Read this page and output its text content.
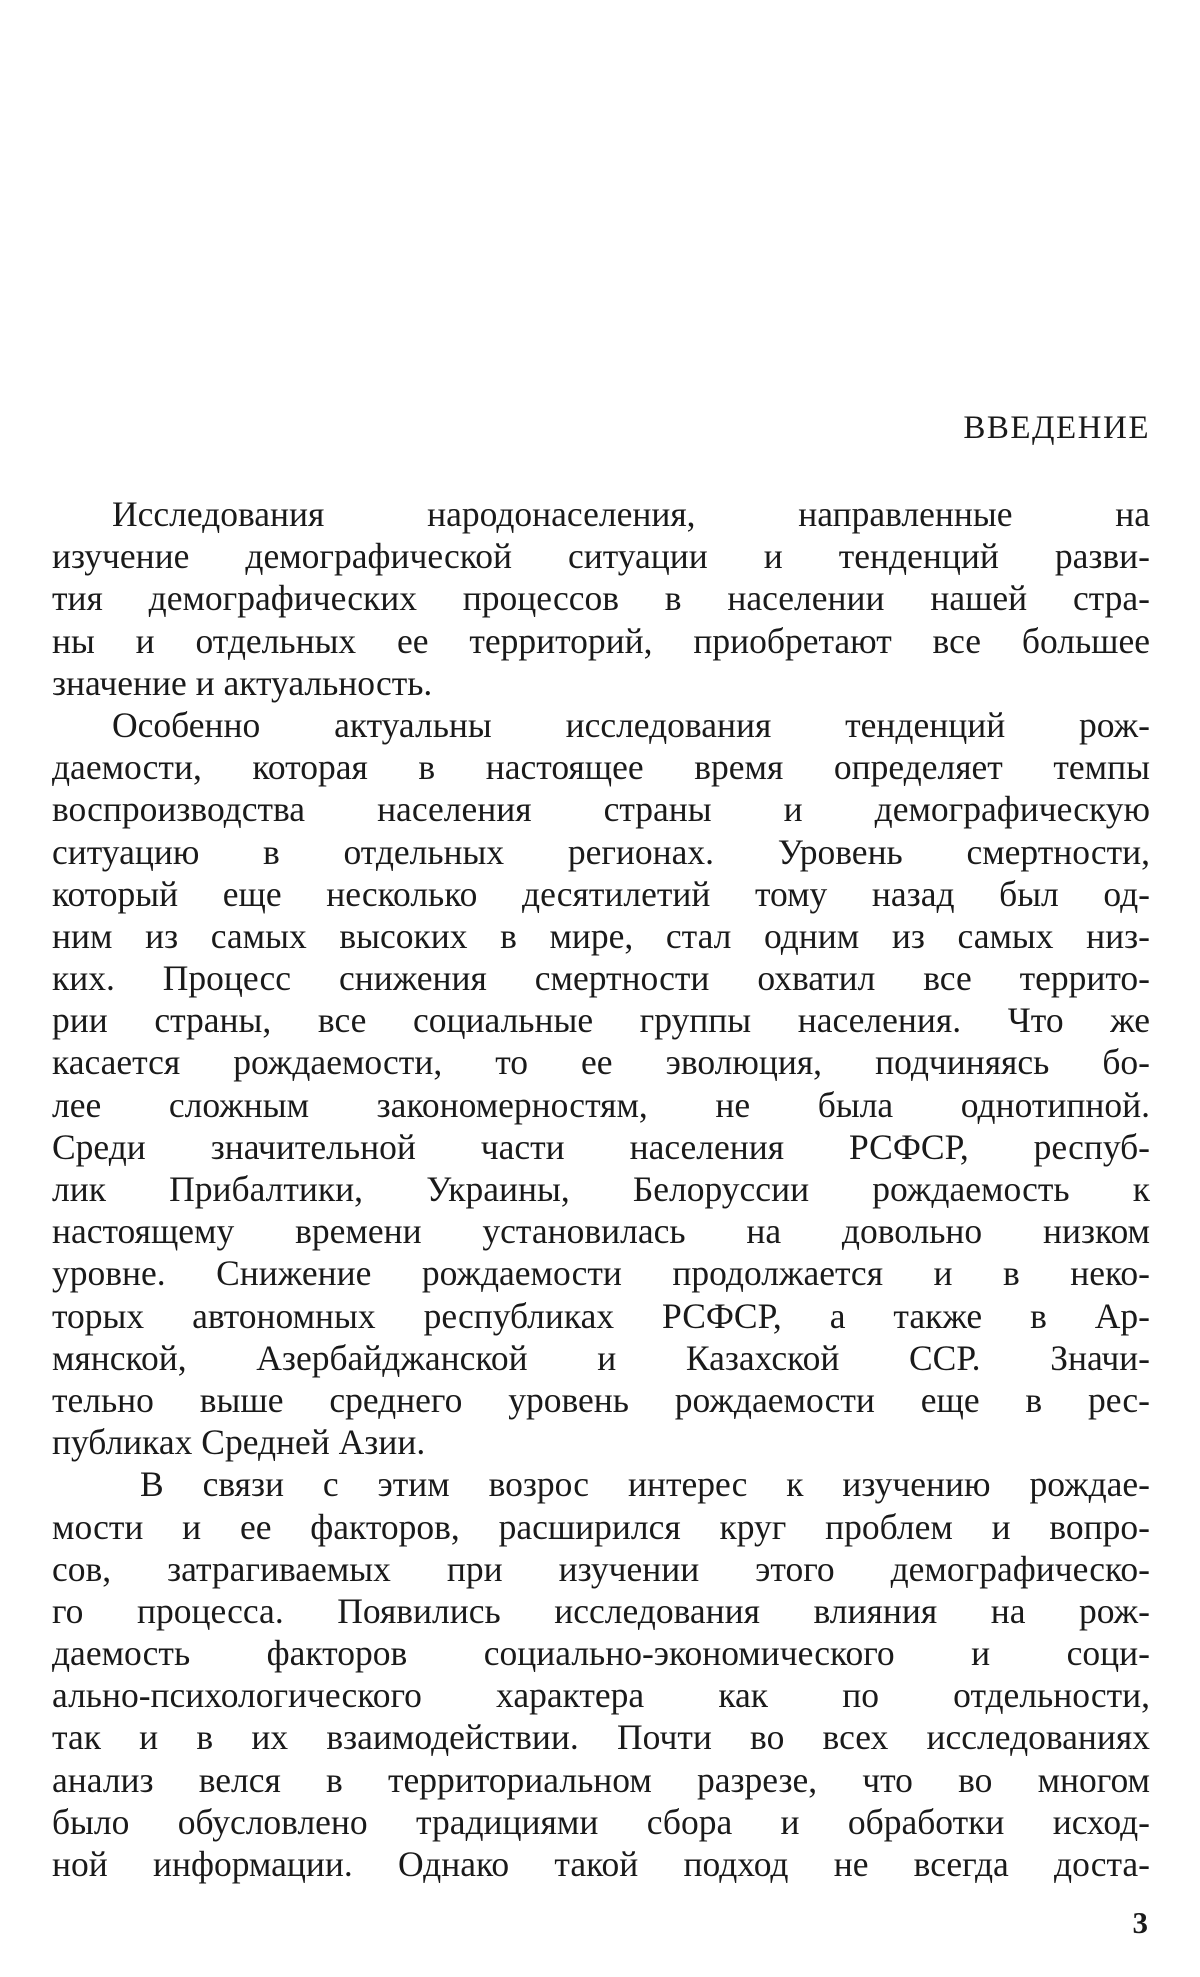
ВВЕДЕНИЕ
Исследования народонаселения, направленные на
изучение демографической ситуации и тенденций разви-
тия демографических процессов в населении нашей стра-
ны и отдельных ее территорий, приобретают все большее
значение и актуальность.
Особенно актуальны исследования тенденций рож-
даемости, которая в настоящее время определяет темпы
воспроизводства населения страны и демографическую
ситуацию в отдельных регионах. Уровень смертности,
который еще несколько десятилетий тому назад был од-
ним из самых высоких в мире, стал одним из самых низ-
ких. Процесс снижения смертности охватил все террито-
рии страны, все социальные группы населения. Что же
касается рождаемости, то ее эволюция, подчиняясь бо-
лее сложным закономерностям, не была однотипной.
Среди значительной части населения РСФСР, респуб-
лик Прибалтики, Украины, Белоруссии рождаемость к
настоящему времени установилась на довольно низком
уровне. Снижение рождаемости продолжается и в неко-
торых автономных республиках РСФСР, а также в Ар-
мянской, Азербайджанской и Казахской ССР. Значи-
тельно выше среднего уровень рождаемости еще в рес-
публиках Средней Азии.
В связи с этим возрос интерес к изучению рождае-
мости и ее факторов, расширился круг проблем и вопро-
сов, затрагиваемых при изучении этого демографическо-
го процесса. Появились исследования влияния на рож-
даемость факторов социально-экономического и соци-
ально-психологического характера как по отдельности,
так и в их взаимодействии. Почти во всех исследованиях
анализ велся в территориальном разрезе, что во многом
было обусловлено традициями сбора и обработки исход-
ной информации. Однако такой подход не всегда доста-
3
